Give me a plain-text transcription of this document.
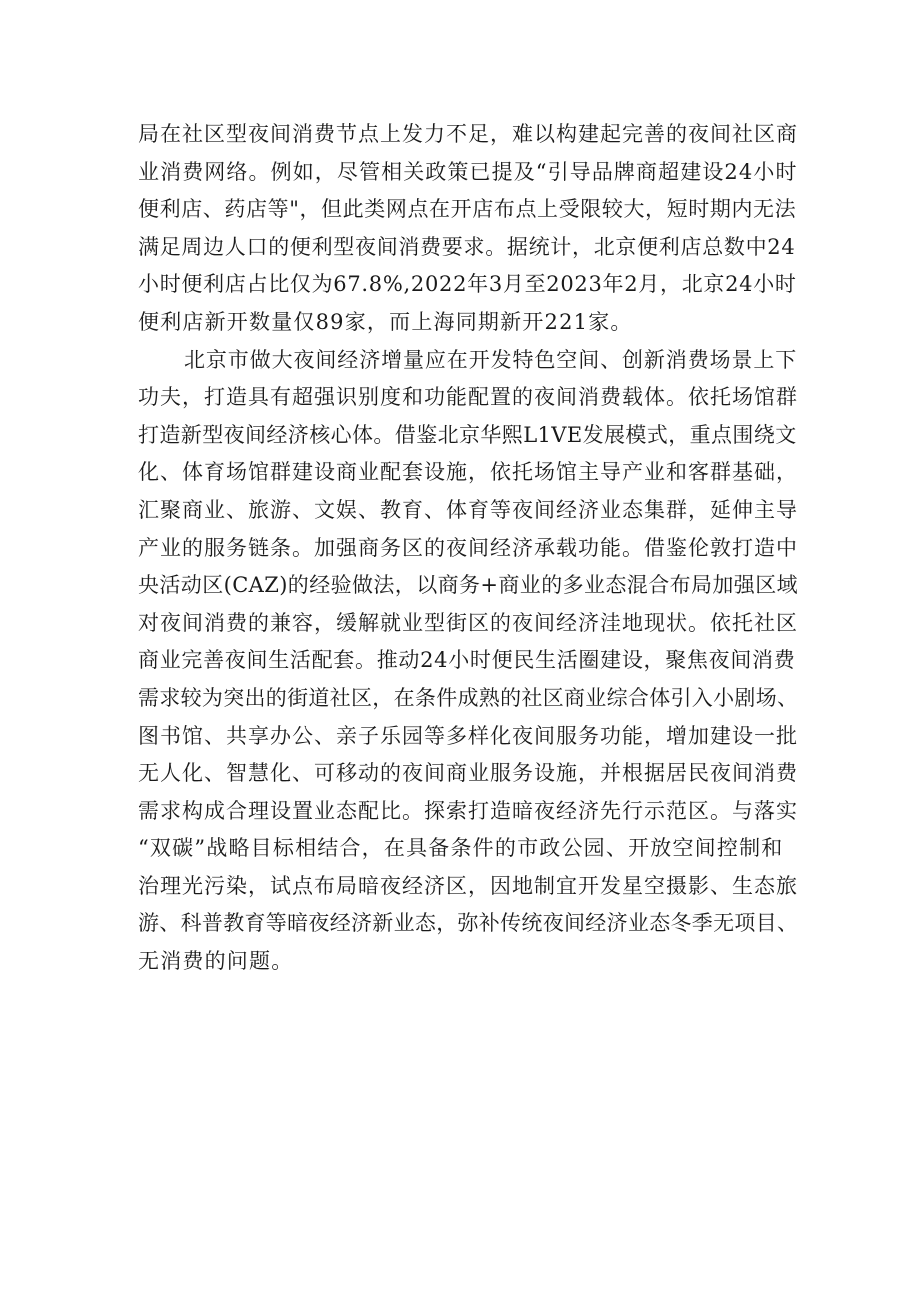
局在社区型夜间消费节点上发力不足，难以构建起完善的夜间社区商
业消费网络。例如，尽管相关政策已提及“引导品牌商超建设24小时
便利店、药店等"，但此类网点在开店布点上受限较大，短时期内无法
满足周边人口的便利型夜间消费要求。据统计，北京便利店总数中24
小时便利店占比仅为67.8%,2022年3月至2023年2月，北京24小时
便利店新开数量仅89家，而上海同期新开221家。
北京市做大夜间经济增量应在开发特色空间、创新消费场景上下
功夫，打造具有超强识别度和功能配置的夜间消费载体。依托场馆群
打造新型夜间经济核心体。借鉴北京华熙L1VE发展模式，重点围绕文
化、体育场馆群建设商业配套设施，依托场馆主导产业和客群基础，
汇聚商业、旅游、文娱、教育、体育等夜间经济业态集群，延伸主导
产业的服务链条。加强商务区的夜间经济承载功能。借鉴伦敦打造中
央活动区(CAZ)的经验做法，以商务+商业的多业态混合布局加强区域
对夜间消费的兼容，缓解就业型街区的夜间经济洼地现状。依托社区
商业完善夜间生活配套。推动24小时便民生活圈建设，聚焦夜间消费
需求较为突出的街道社区，在条件成熟的社区商业综合体引入小剧场、
图书馆、共享办公、亲子乐园等多样化夜间服务功能，增加建设一批
无人化、智慧化、可移动的夜间商业服务设施，并根据居民夜间消费
需求构成合理设置业态配比。探索打造暗夜经济先行示范区。与落实
“双碳”战略目标相结合，在具备条件的市政公园、开放空间控制和
治理光污染，试点布局暗夜经济区，因地制宜开发星空摄影、生态旅
游、科普教育等暗夜经济新业态，弥补传统夜间经济业态冬季无项目、
无消费的问题。
